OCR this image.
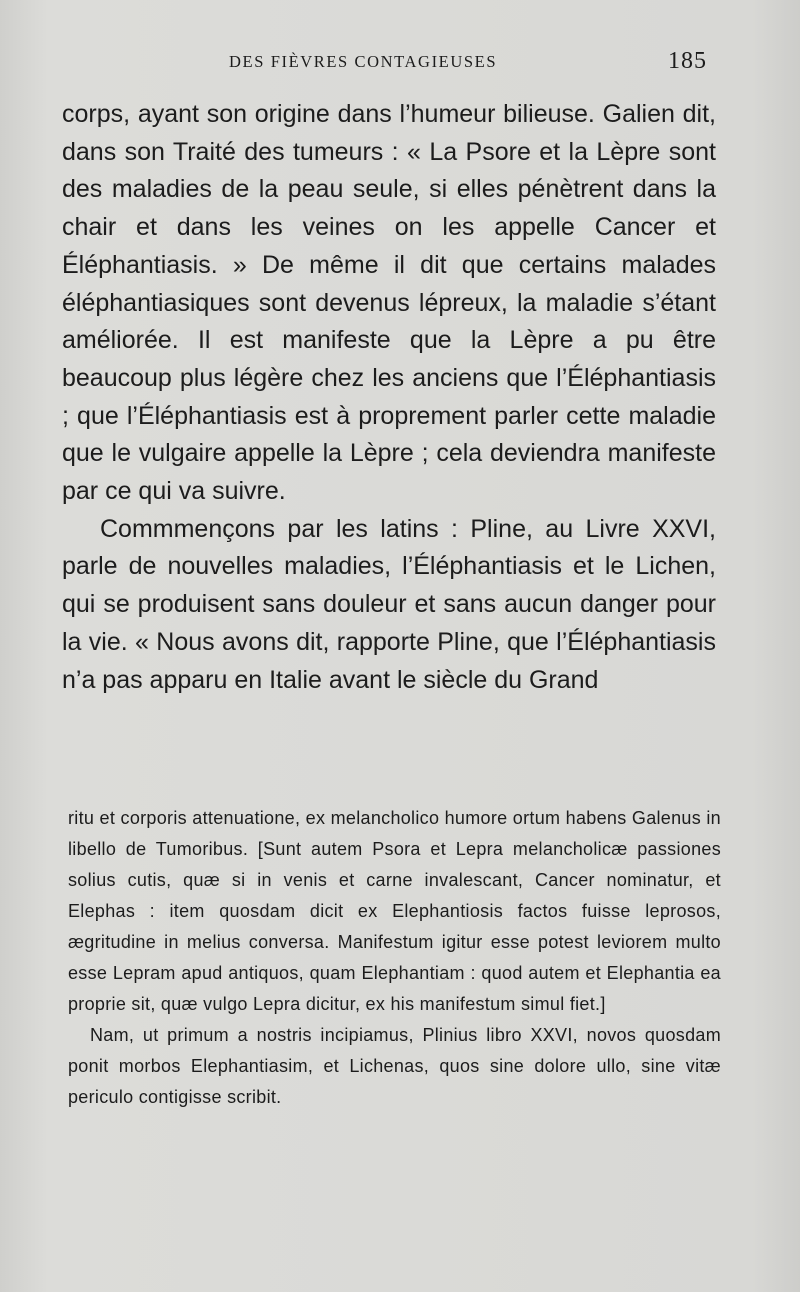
DES FIÈVRES CONTAGIEUSES	185

corps, ayant son origine dans l’humeur bilieuse. Galien dit, dans son Traité des tumeurs : « La Psore et la Lèpre sont des maladies de la peau seule, si elles pénètrent dans la chair et dans les veines on les appelle Cancer et Éléphantiasis. » De même il dit que certains malades éléphantiasiques sont devenus lépreux, la maladie s’étant améliorée. Il est manifeste que la Lèpre a pu être beaucoup plus légère chez les anciens que l’Éléphantiasis ; que l’Éléphantiasis est à proprement parler cette maladie que le vulgaire appelle la Lèpre ; cela deviendra manifeste par ce qui va suivre.

Commmençons par les latins : Pline, au Livre XXVI, parle de nouvelles maladies, l’Éléphantiasis et le Lichen, qui se produisent sans douleur et sans aucun danger pour la vie. « Nous avons dit, rapporte Pline, que l’Éléphantiasis n’a pas apparu en Italie avant le siècle du Grand

ritu et corporis attenuatione, ex melancholico humore ortum habens Galenus in libello de Tumoribus. [Sunt autem Psora et Lepra melancholicæ passiones solius cutis, quæ si in venis et carne invalescant, Cancer nominatur, et Elephas : item quosdam dicit ex Elephantiosis factos fuisse leprosos, ægritudine in melius conversa. Manifestum igitur esse potest leviorem multo esse Lepram apud antiquos, quam Elephantiam : quod autem et Elephantia ea proprie sit, quæ vulgo Lepra dicitur, ex his manifestum simul fiet.]

Nam, ut primum a nostris incipiamus, Plinius libro XXVI, novos quosdam ponit morbos Elephantiasim, et Lichenas, quos sine dolore ullo, sine vitæ periculo contigisse scribit.
